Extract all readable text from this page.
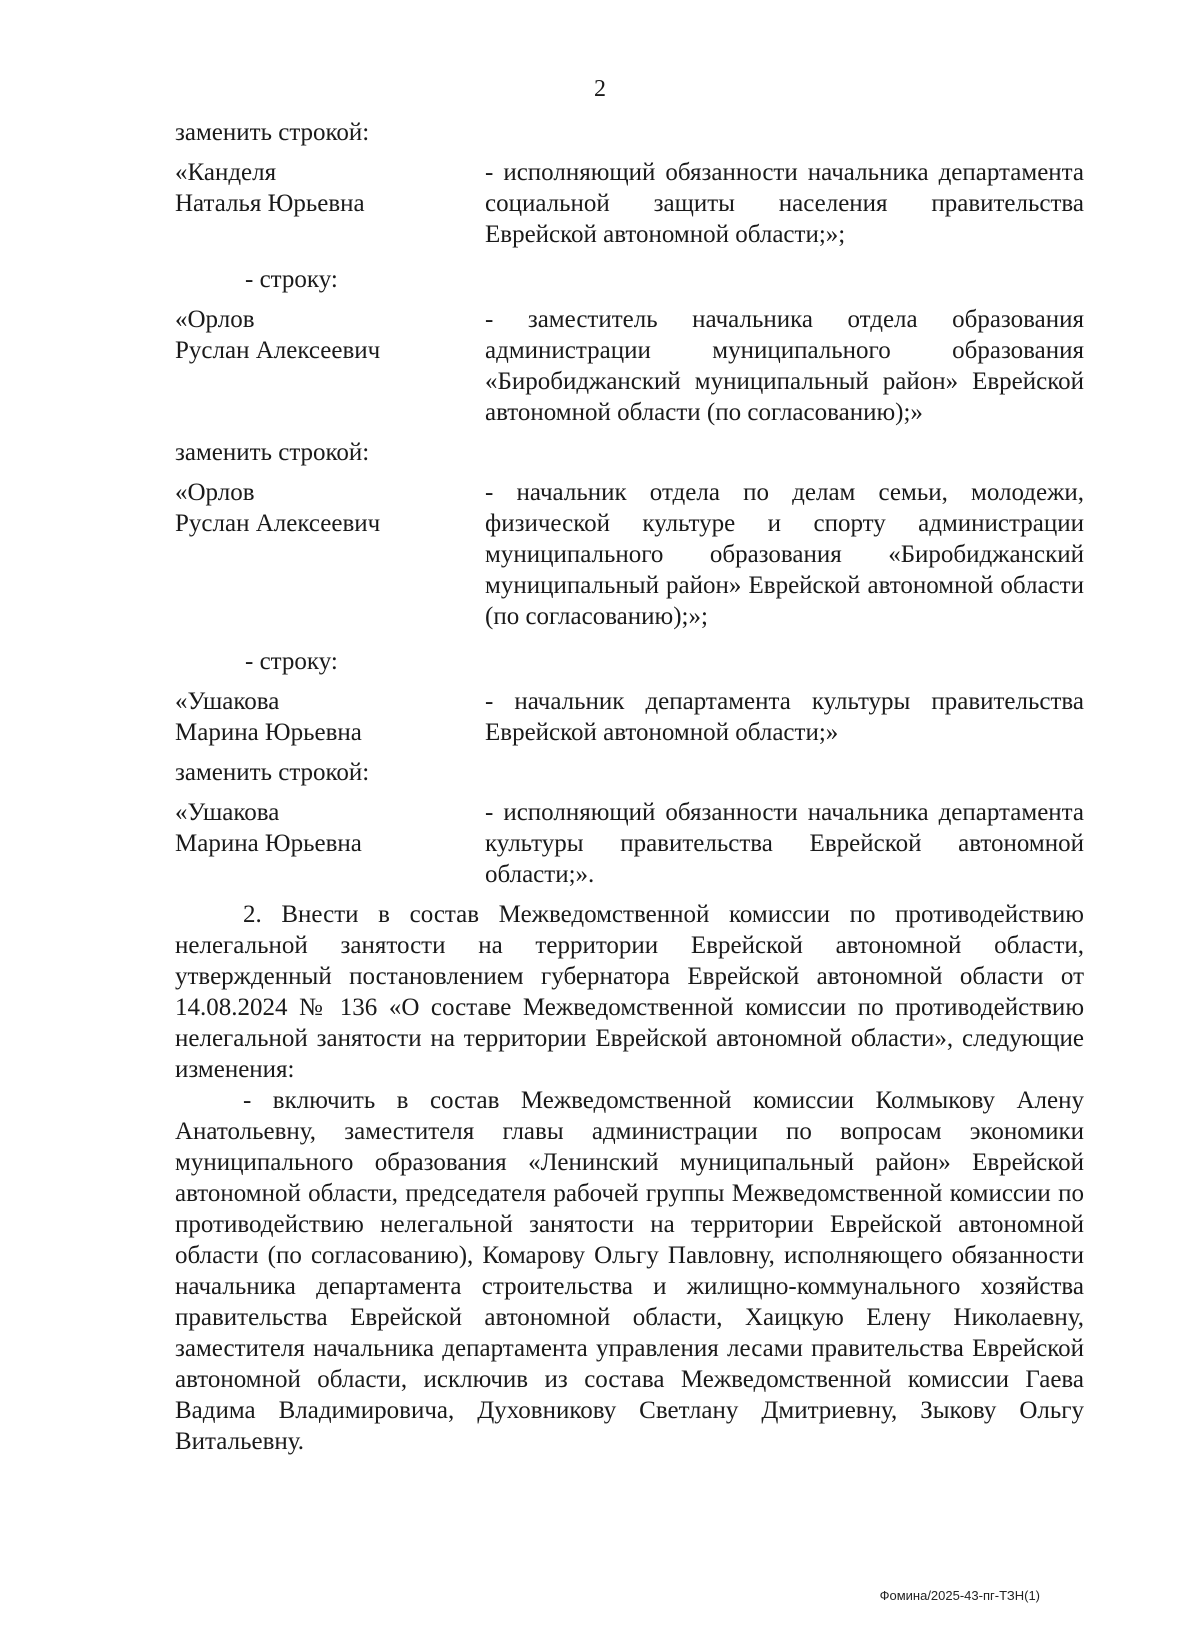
2
заменить строкой:
«Канделя
Наталья Юрьевна
- исполняющий обязанности начальника департамента социальной защиты населения правительства Еврейской автономной области;»;
- строку:
«Орлов
Руслан Алексеевич
- заместитель начальника отдела образования администрации муниципального образования «Биробиджанский муниципальный район» Еврейской автономной области (по согласованию);»
заменить строкой:
«Орлов
Руслан Алексеевич
- начальник отдела по делам семьи, молодежи, физической культуре и спорту администрации муниципального образования «Биробиджанский муниципальный район» Еврейской автономной области (по согласованию);»;
- строку:
«Ушакова
Марина Юрьевна
- начальник департамента культуры правительства Еврейской автономной области;»
заменить строкой:
«Ушакова
Марина Юрьевна
- исполняющий обязанности начальника департамента культуры правительства Еврейской автономной области;».

2. Внести в состав Межведомственной комиссии по противодействию нелегальной занятости на территории Еврейской автономной области, утвержденный постановлением губернатора Еврейской автономной области от 14.08.2024 № 136 «О составе Межведомственной комиссии по противодействию нелегальной занятости на территории Еврейской автономной области», следующие изменения:

- включить в состав Межведомственной комиссии Колмыкову Алену Анатольевну, заместителя главы администрации по вопросам экономики муниципального образования «Ленинский муниципальный район» Еврейской автономной области, председателя рабочей группы Межведомственной комиссии по противодействию нелегальной занятости на территории Еврейской автономной области (по согласованию), Комарову Ольгу Павловну, исполняющего обязанности начальника департамента строительства и жилищно-коммунального хозяйства правительства Еврейской автономной области, Хаицкую Елену Николаевну, заместителя начальника департамента управления лесами правительства Еврейской автономной области, исключив из состава Межведомственной комиссии Гаева Вадима Владимировича, Духовникову Светлану Дмитриевну, Зыкову Ольгу Витальевну.

Фомина/2025-43-пг-ТЗН(1)
